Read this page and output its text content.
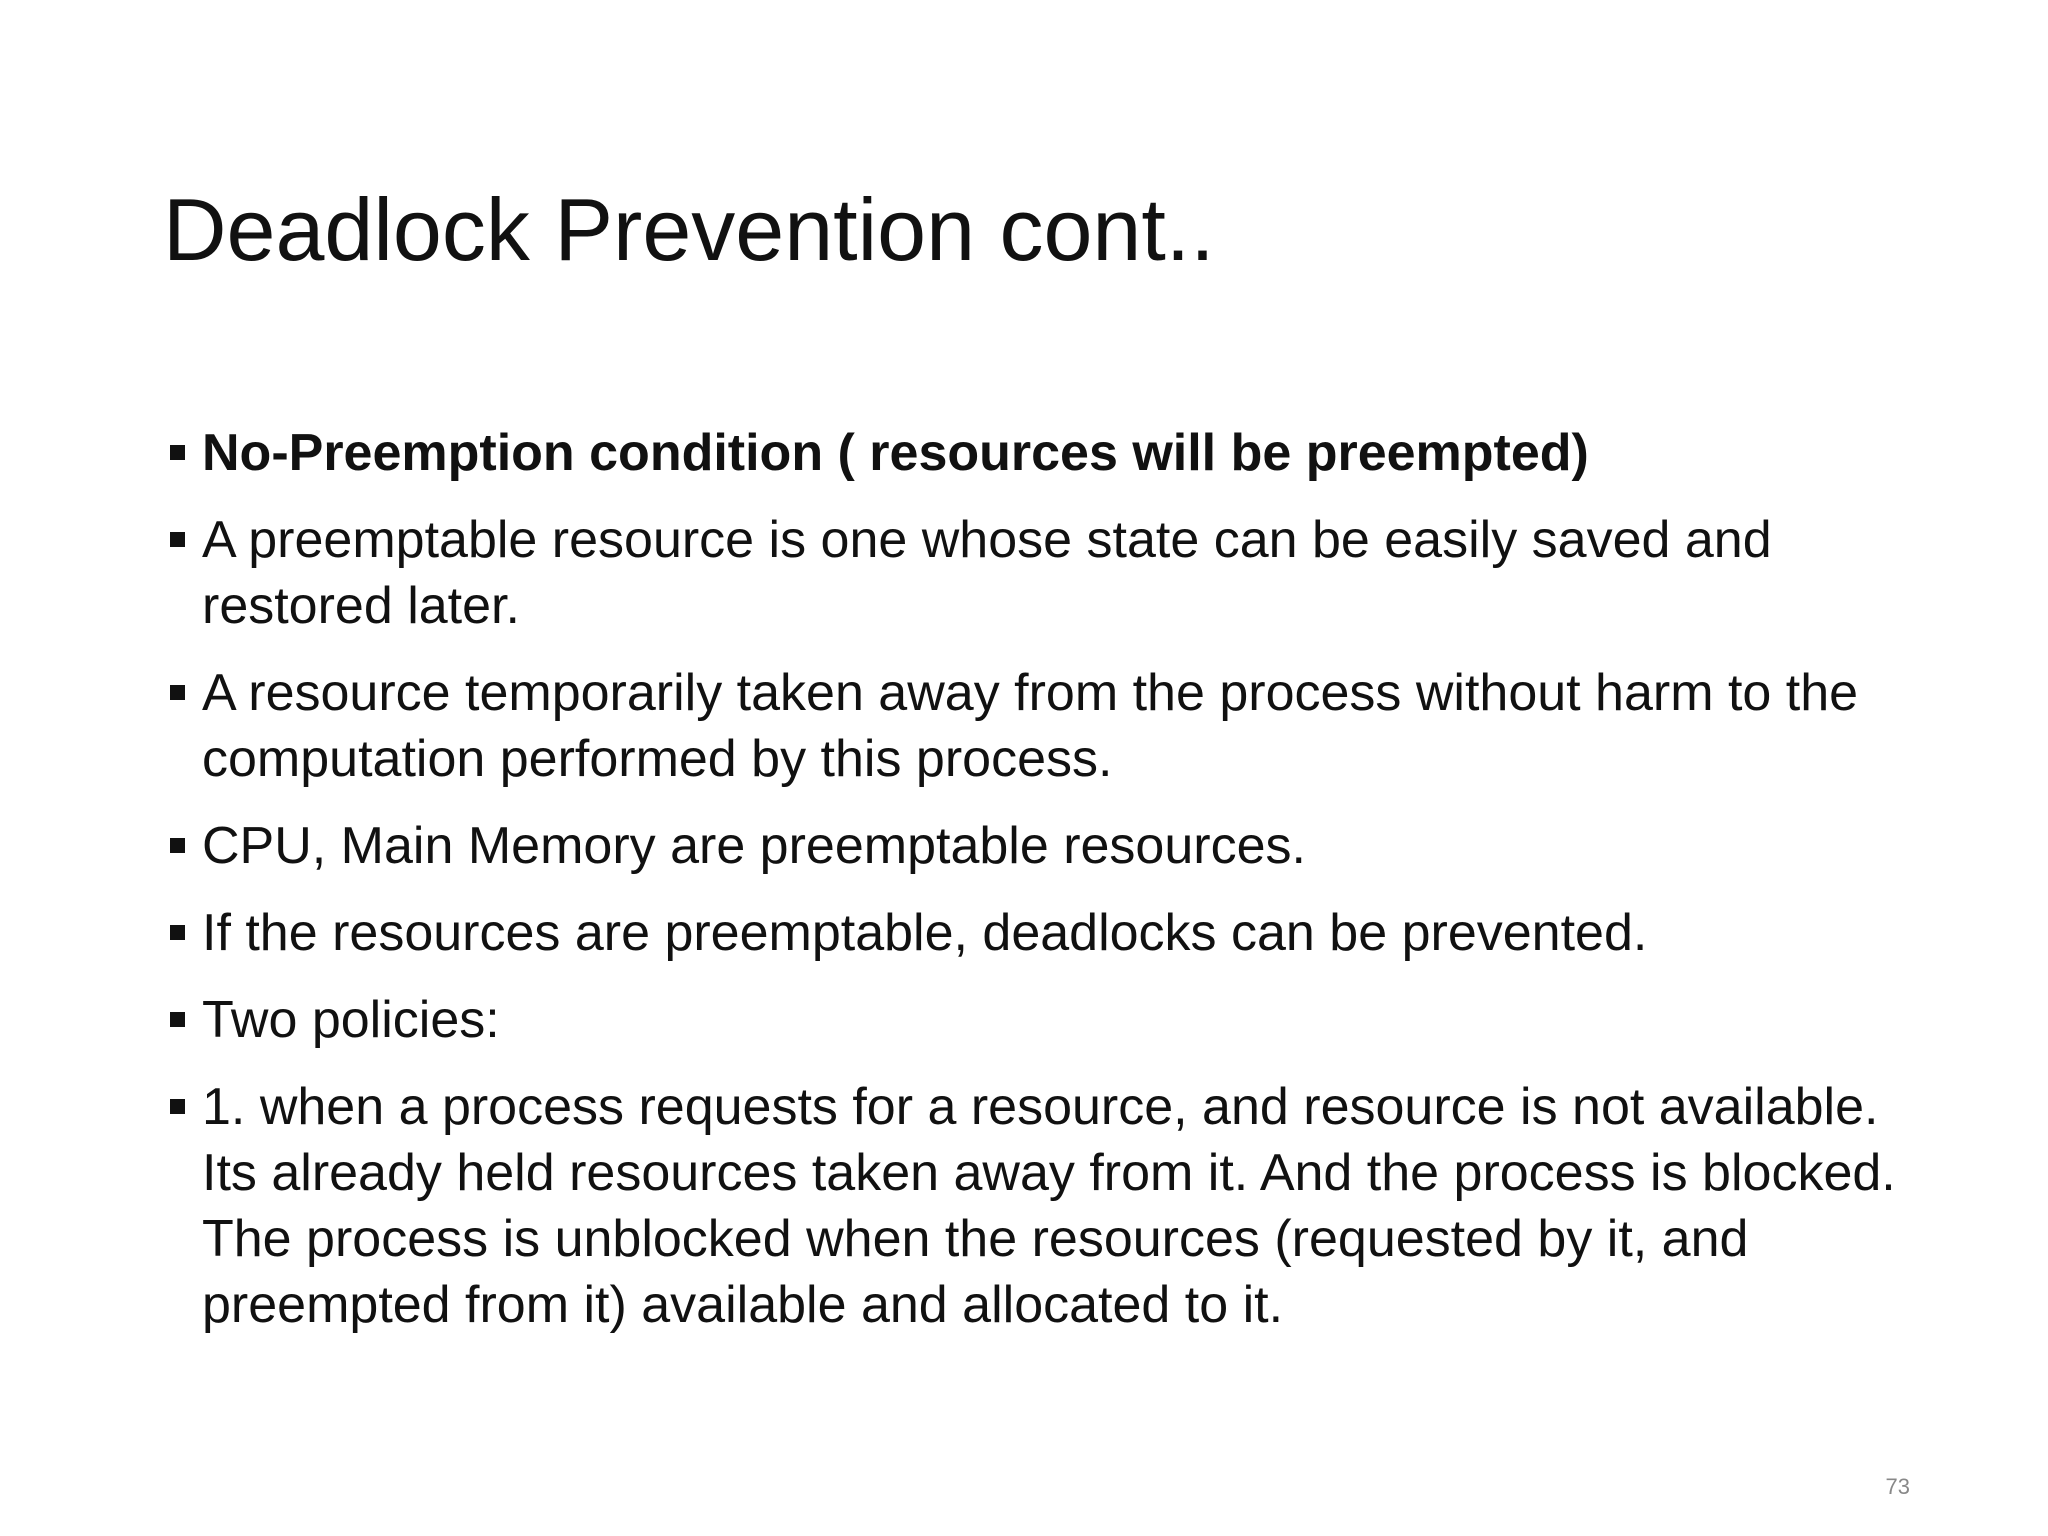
Deadlock Prevention cont..
No-Preemption condition ( resources will be preempted)
A preemptable resource is one whose state can be easily saved and restored later.
A resource temporarily taken away from the process without harm to the computation performed by this process.
CPU, Main Memory are preemptable resources.
If the resources are preemptable, deadlocks can be prevented.
Two policies:
1. when a process requests for a resource, and resource is not available. Its already held resources taken away from it. And the process is blocked. The process is unblocked when the resources (requested by it, and preempted from it) available and allocated to it.
73
